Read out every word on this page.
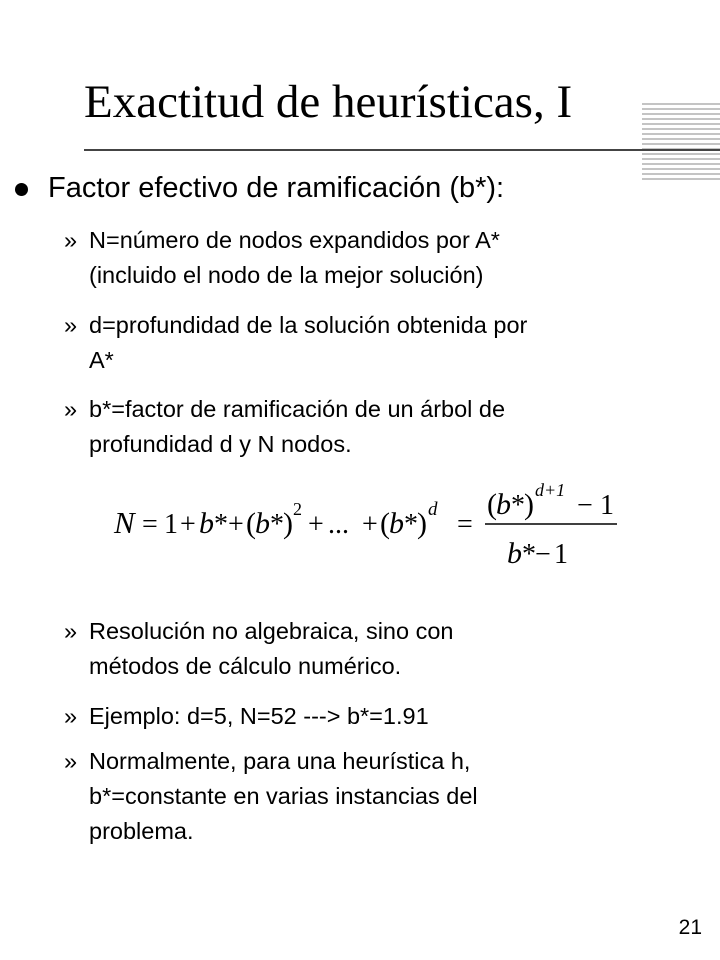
Exactitud de heurísticas, I
Factor efectivo de ramificación (b*):
» N=número de nodos expandidos por A*
(incluido el nodo de la mejor solución)
» d=profundidad de la solución obtenida por
A*
» b*=factor de ramificación de un árbol de
profundidad d y N nodos.
N = 1 + b * + ( b * ) 2 + ... + ( b * ) d =
( b * ) d+1 − 1
b * − 1
» Resolución no algebraica, sino con
métodos de cálculo numérico.
» Ejemplo: d=5, N=52 ---> b*=1.91
» Normalmente, para una heurística h,
b*=constante en varias instancias del
problema.
21
